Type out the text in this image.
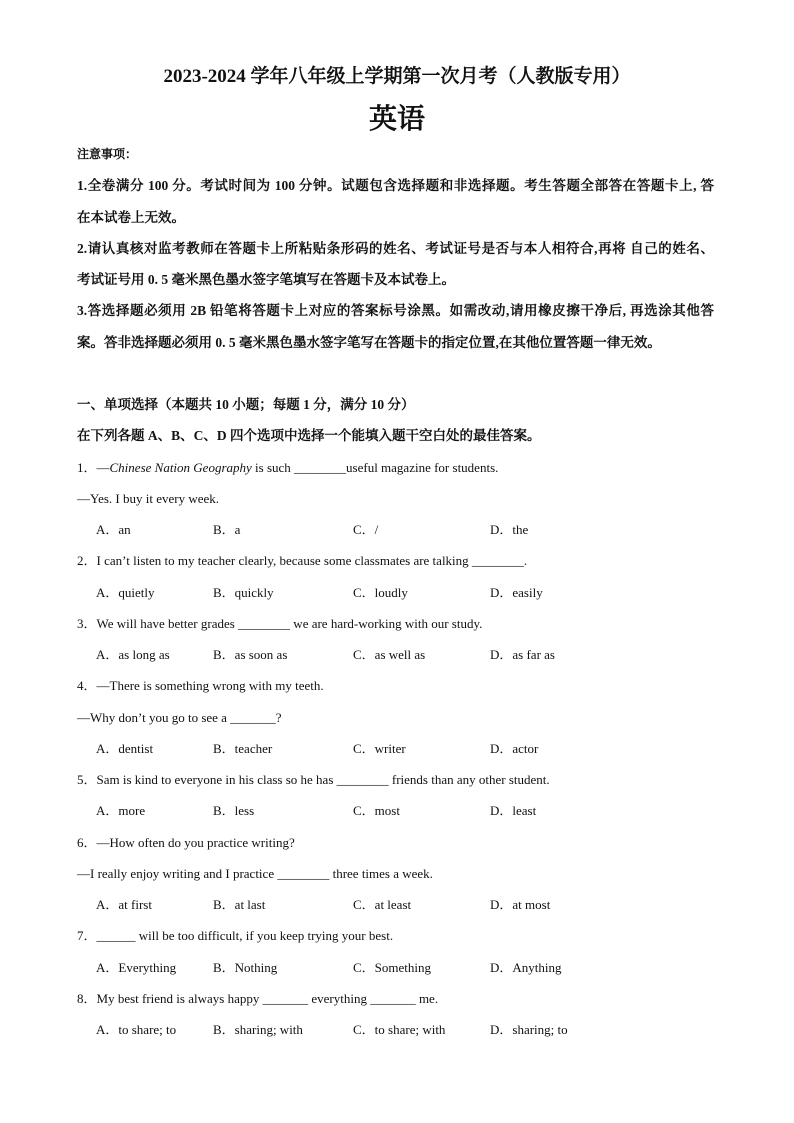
2023-2024 学年八年级上学期第一次月考（人教版专用）
英语
注意事项：
1.全卷满分 100 分。考试时间为 100 分钟。试题包含选择题和非选择题。考生答题全部答在答题卡上, 答
在本试卷上无效。
2.请认真核对监考教师在答题卡上所粘贴条形码的姓名、考试证号是否与本人相符合,再将 自己的姓名、
考试证号用 0. 5 毫米黑色墨水签字笔填写在答题卡及本试卷上。
3.答选择题必须用 2B 铅笔将答题卡上对应的答案标号涂黑。如需改动,请用橡皮擦干净后, 再选涂其他答
案。答非选择题必须用 0. 5 毫米黑色墨水签字笔写在答题卡的指定位置,在其他位置答题一律无效。
一、单项选择（本题共 10 小题；每题 1 分，满分 10 分）
在下列各题 A、B、C、D 四个选项中选择一个能填入题干空白处的最佳答案。
1．—Chinese Nation Geography is such ________useful magazine for students.
—Yes. I buy it every week.
A．an	B．a	C．/	D．the
2．I can’t listen to my teacher clearly, because some classmates are talking ________.
A．quietly	B．quickly	C．loudly	D．easily
3．We will have better grades ________ we are hard-working with our study.
A．as long as	B．as soon as	C．as well as	D．as far as
4．—There is something wrong with my teeth.
—Why don’t you go to see a _______?
A．dentist	B．teacher	C．writer	D．actor
5．Sam is kind to everyone in his class so he has ________ friends than any other student.
A．more	B．less	C．most	D．least
6．—How often do you practice writing?
—I really enjoy writing and I practice ________ three times a week.
A．at first	B．at last	C．at least	D．at most
7．______ will be too difficult, if you keep trying your best.
A．Everything	B．Nothing	C．Something	D．Anything
8．My best friend is always happy _______ everything _______ me.
A．to share; to	B．sharing; with	C．to share; with	D．sharing; to
